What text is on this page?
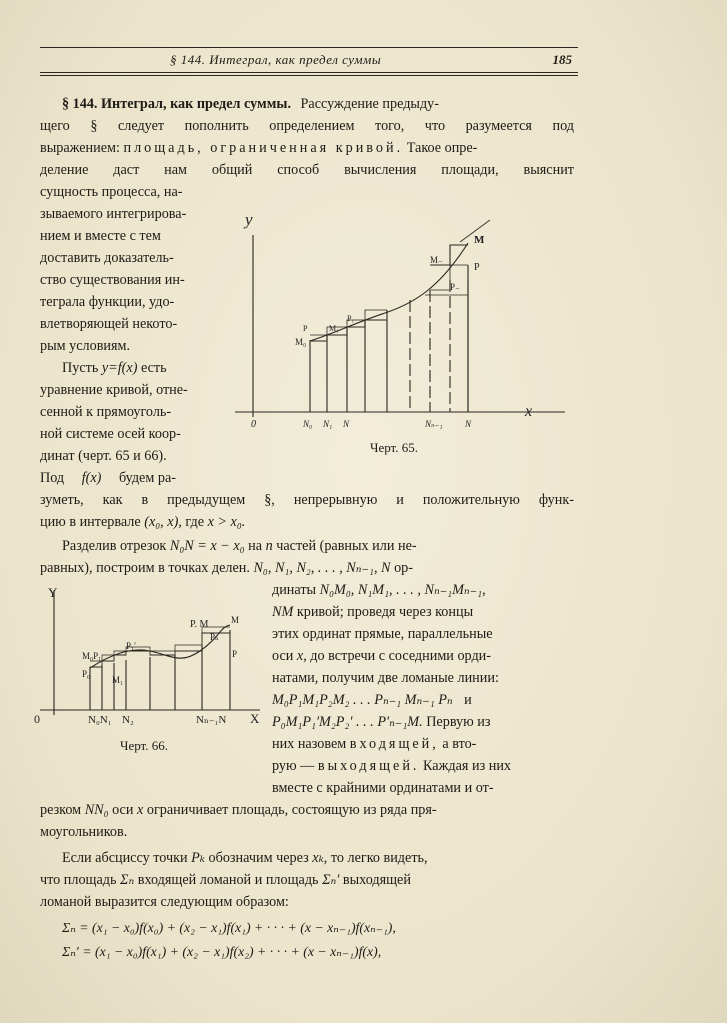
§ 144. Интеграл, как предел суммы	185
§ 144. Интеграл, как предел суммы. Рассуждение предыду-
щего § следует пополнить определением того, что разумеется под
выражением: площадь, ограниченная кривой. Такое опре-
деление даст нам общий способ вычисления площади, выяснит
сущность процесса, на-
зываемого интегрирова-
нием и вместе с тем
доставить доказатель-
ство существования ин-
теграла функции, удо-
влетворяющей некото-
рым условиям.
Пусть y=f(x) есть
уравнение кривой, отне-
сенной к прямоуголь-
ной системе осей коор-
динат (черт. 65 и 66).
Под f(x) будем ра-
зуметь, как в предыдущем §, непрерывную и положительную функ-
цию в интервале (x₀, x), где x > x₀.
Разделив отрезок N₀N = x − x₀ на n частей (равных или не-
равных), построим в точках делен. N₀, N₁, N₂, . . . , Nₙ₋₁, N ор-
динаты N₀M₀, N₁M₁, . . . , Nₙ₋₁Mₙ₋₁,
NM кривой; проведя через концы
этих ординат прямые, параллельные
оси x, до встречи с соседними орди-
натами, получим две ломаные линии:
M₀P₁M₁P₂M₂ . . . Pₙ₋₁ Mₙ₋₁ Pₙ и
P₀M₁P₁′M₂P₂′ . . . P′ₙ₋₁M. Первую из
них назовем входящей, а вто-
рую — выходящей. Каждая из них
вместе с крайними ординатами и от-
резком NN₀ оси x ограничивает площадь, состоящую из ряда пря-
моугольников.
Если абсциссу точки Pₖ обозначим через xₖ, то легко видеть,
что площадь Σₙ входящей ломаной и площадь Σₙ′ выходящей
ломаной выразится следующим образом:
Σₙ = (x₁ − x₀)f(x₀) + (x₂ − x₁)f(x₁) + · · · + (x − xₙ₋₁)f(xₙ₋₁),
Σₙ′ = (x₁ − x₀)f(x₁) + (x₂ − x₁)f(x₂) + · · · + (x − xₙ₋₁)f(x),
y
x
0
M
P
M₀
P	M₁
P₁
P₋
M₋
N₀ N₁ N	Nₙ₋₁ N
Черт. 65.
Y
X
0
P. M	M
P
M₀P₁
P₀
M₁
P₁′
Pₙ
N₀N₁ N₂	Nₙ₋₁N
Черт. 66.
